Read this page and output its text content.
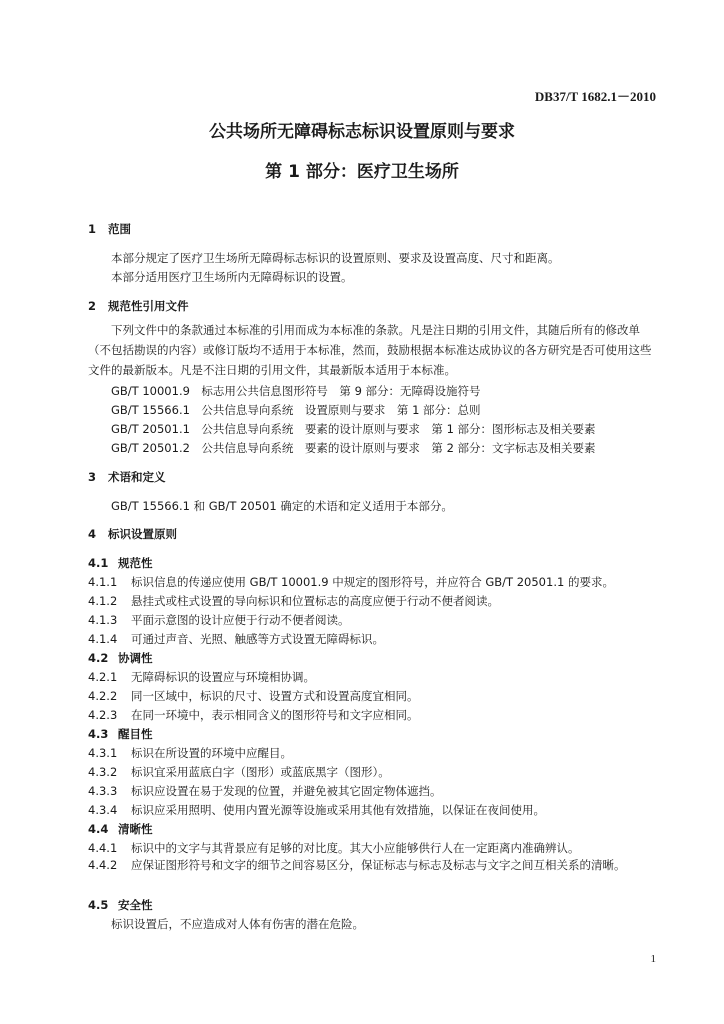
DB37/T 1682.1－2010
公共场所无障碍标志标识设置原则与要求
第 1 部分：医疗卫生场所
1 范围
本部分规定了医疗卫生场所无障碍标志标识的设置原则、要求及设置高度、尺寸和距离。
本部分适用医疗卫生场所内无障碍标识的设置。
2 规范性引用文件
下列文件中的条款通过本标准的引用而成为本标准的条款。凡是注日期的引用文件，其随后所有的修改单（不包括勘误的内容）或修订版均不适用于本标准，然而，鼓励根据本标准达成协议的各方研究是否可使用这些文件的最新版本。凡是不注日期的引用文件，其最新版本适用于本标准。
GB/T 10001.9　标志用公共信息图形符号　第 9 部分：无障碍设施符号
GB/T 15566.1　公共信息导向系统　设置原则与要求　第 1 部分：总则
GB/T 20501.1　公共信息导向系统　要素的设计原则与要求　第 1 部分：图形标志及相关要素
GB/T 20501.2　公共信息导向系统　要素的设计原则与要求　第 2 部分：文字标志及相关要素
3 术语和定义
GB/T 15566.1 和 GB/T 20501 确定的术语和定义适用于本部分。
4 标识设置原则
4.1 规范性
4.1.1 标识信息的传递应使用 GB/T 10001.9 中规定的图形符号，并应符合 GB/T 20501.1 的要求。
4.1.2 悬挂式或柱式设置的导向标识和位置标志的高度应便于行动不便者阅读。
4.1.3 平面示意图的设计应便于行动不便者阅读。
4.1.4 可通过声音、光照、触感等方式设置无障碍标识。
4.2 协调性
4.2.1 无障碍标识的设置应与环境相协调。
4.2.2 同一区域中，标识的尺寸、设置方式和设置高度宜相同。
4.2.3 在同一环境中，表示相同含义的图形符号和文字应相同。
4.3 醒目性
4.3.1 标识在所设置的环境中应醒目。
4.3.2 标识宜采用蓝底白字（图形）或蓝底黑字（图形）。
4.3.3 标识应设置在易于发现的位置，并避免被其它固定物体遮挡。
4.3.4 标识应采用照明、使用内置光源等设施或采用其他有效措施，以保证在夜间使用。
4.4 清晰性
4.4.1 标识中的文字与其背景应有足够的对比度。其大小应能够供行人在一定距离内准确辨认。
4.4.2 应保证图形符号和文字的细节之间容易区分，保证标志与标志及标志与文字之间互相关系的清晰。
4.5 安全性
标识设置后，不应造成对人体有伤害的潜在危险。
1
